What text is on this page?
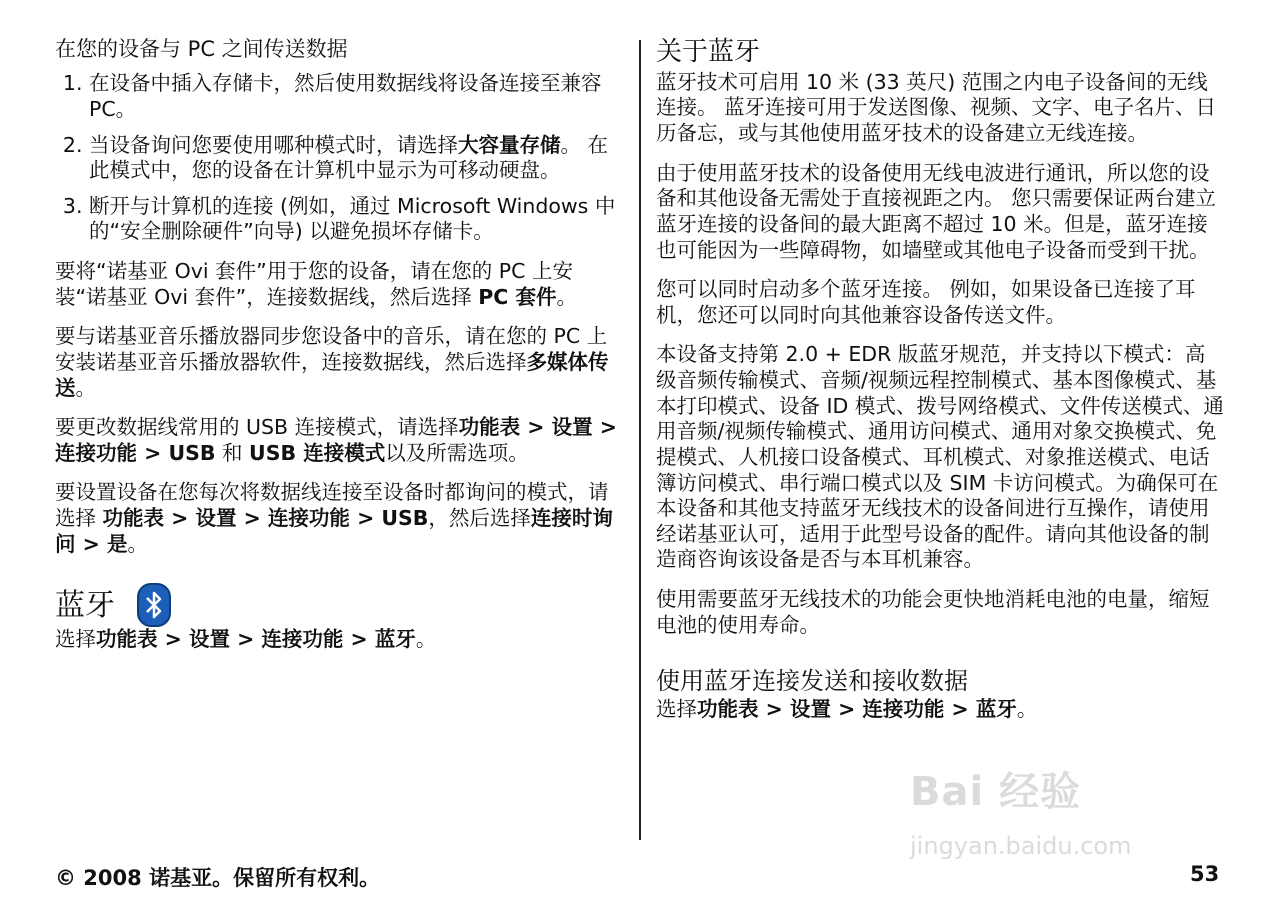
在您的设备与 PC 之间传送数据
1. 在设备中插入存储卡，然后使用数据线将设备连接至兼容 PC。
2. 当设备询问您要使用哪种模式时，请选择大容量存储。 在此模式中，您的设备在计算机中显示为可移动硬盘。
3. 断开与计算机的连接 (例如，通过 Microsoft Windows 中的“安全删除硬件”向导) 以避免损坏存储卡。

要将“诺基亚 Ovi 套件”用于您的设备，请在您的 PC 上安装“诺基亚 Ovi 套件”，连接数据线，然后选择 PC 套件。

要与诺基亚音乐播放器同步您设备中的音乐，请在您的 PC 上安装诺基亚音乐播放器软件，连接数据线，然后选择多媒体传送。

要更改数据线常用的 USB 连接模式，请选择功能表 > 设置 > 连接功能 > USB 和 USB 连接模式以及所需选项。

要设置设备在您每次将数据线连接至设备时都询问的模式，请选择 功能表 > 设置 > 连接功能 > USB，然后选择连接时询问 > 是。

蓝牙

选择功能表 > 设置 > 连接功能 > 蓝牙。

关于蓝牙

蓝牙技术可启用 10 米 (33 英尺) 范围之内电子设备间的无线连接。 蓝牙连接可用于发送图像、视频、文字、电子名片、日历备忘，或与其他使用蓝牙技术的设备建立无线连接。

由于使用蓝牙技术的设备使用无线电波进行通讯，所以您的设备和其他设备无需处于直接视距之内。 您只需要保证两台建立蓝牙连接的设备间的最大距离不超过 10 米。但是，蓝牙连接也可能因为一些障碍物，如墙壁或其他电子设备而受到干扰。

您可以同时启动多个蓝牙连接。 例如，如果设备已连接了耳机，您还可以同时向其他兼容设备传送文件。

本设备支持第 2.0 + EDR 版蓝牙规范，并支持以下模式：高级音频传输模式、音频/视频远程控制模式、基本图像模式、基本打印模式、设备 ID 模式、拨号网络模式、文件传送模式、通用音频/视频传输模式、通用访问模式、通用对象交换模式、免提模式、人机接口设备模式、耳机模式、对象推送模式、电话簿访问模式、串行端口模式以及 SIM 卡访问模式。为确保可在本设备和其他支持蓝牙无线技术的设备间进行互操作，请使用经诺基亚认可，适用于此型号设备的配件。请向其他设备的制造商咨询该设备是否与本耳机兼容。

使用需要蓝牙无线技术的功能会更快地消耗电池的电量，缩短电池的使用寿命。

使用蓝牙连接发送和接收数据

选择功能表 > 设置 > 连接功能 > 蓝牙。

Bai 经验
jingyan.baidu.com
© 2008 诺基亚。保留所有权利。	53
